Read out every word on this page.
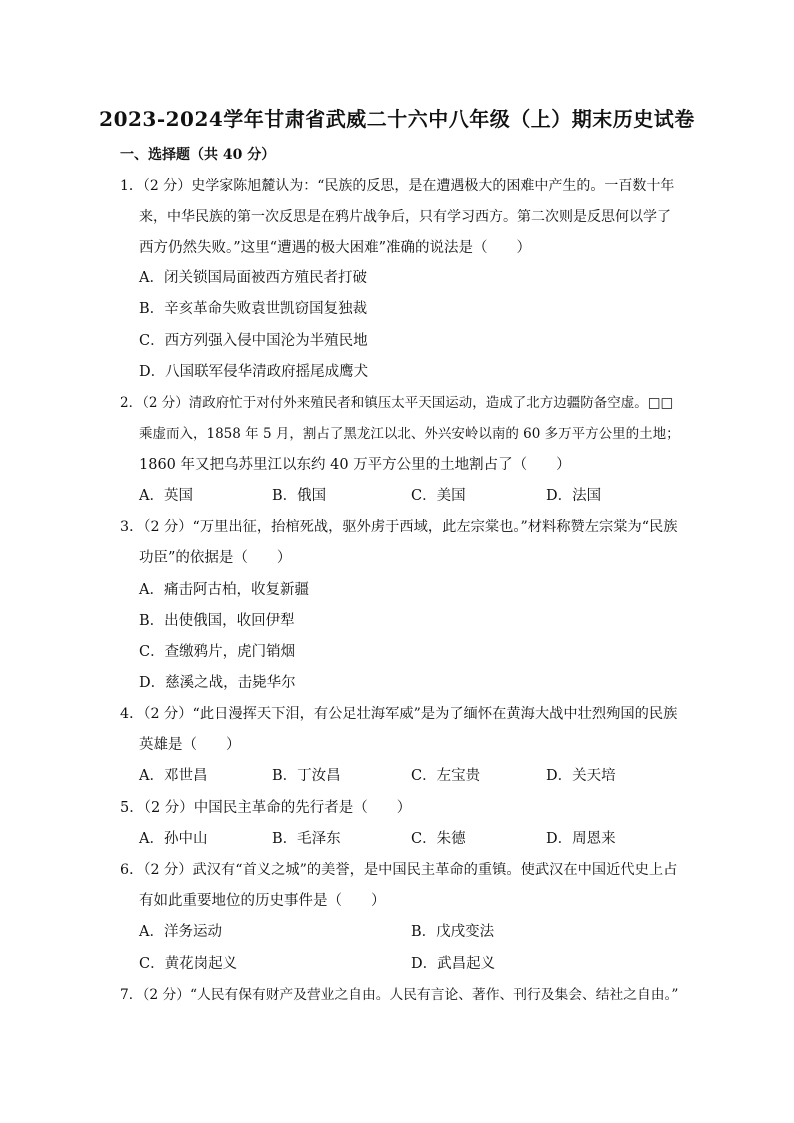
2023-2024学年甘肃省武威二十六中八年级（上）期末历史试卷
一、选择题（共 40 分）
1．（2 分）史学家陈旭麓认为：“民族的反思，是在遭遇极大的困难中产生的。一百数十年
来，中华民族的第一次反思是在鸦片战争后，只有学习西方。第二次则是反思何以学了
西方仍然失败。”这里“遭遇的极大困难”准确的说法是（　　）
A．闭关锁国局面被西方殖民者打破
B．辛亥革命失败袁世凯窃国复独裁
C．西方列强入侵中国沦为半殖民地
D．八国联军侵华清政府摇尾成鹰犬
2．（2 分）清政府忙于对付外来殖民者和镇压太平天国运动，造成了北方边疆防备空虚。□□
乘虚而入，1858 年 5 月，割占了黑龙江以北、外兴安岭以南的 60 多万平方公里的土地；
1860 年又把乌苏里江以东约 40 万平方公里的土地割占了（　　）
A．英国	B．俄国	C．美国	D．法国
3．（2 分）“万里出征，抬棺死战，驱外虏于西域，此左宗棠也。”材料称赞左宗棠为“民族
功臣”的依据是（　　）
A．痛击阿古柏，收复新疆
B．出使俄国，收回伊犁
C．查缴鸦片，虎门销烟
D．慈溪之战，击毙华尔
4．（2 分）“此日漫挥天下泪，有公足壮海军威”是为了缅怀在黄海大战中壮烈殉国的民族
英雄是（　　）
A．邓世昌	B．丁汝昌	C．左宝贵	D．关天培
5．（2 分）中国民主革命的先行者是（　　）
A．孙中山	B．毛泽东	C．朱德	D．周恩来
6．（2 分）武汉有“首义之城”的美誉，是中国民主革命的重镇。使武汉在中国近代史上占
有如此重要地位的历史事件是（　　）
A．洋务运动	B．戊戌变法
C．黄花岗起义	D．武昌起义
7．（2 分）“人民有保有财产及营业之自由。人民有言论、著作、刊行及集会、结社之自由。”
